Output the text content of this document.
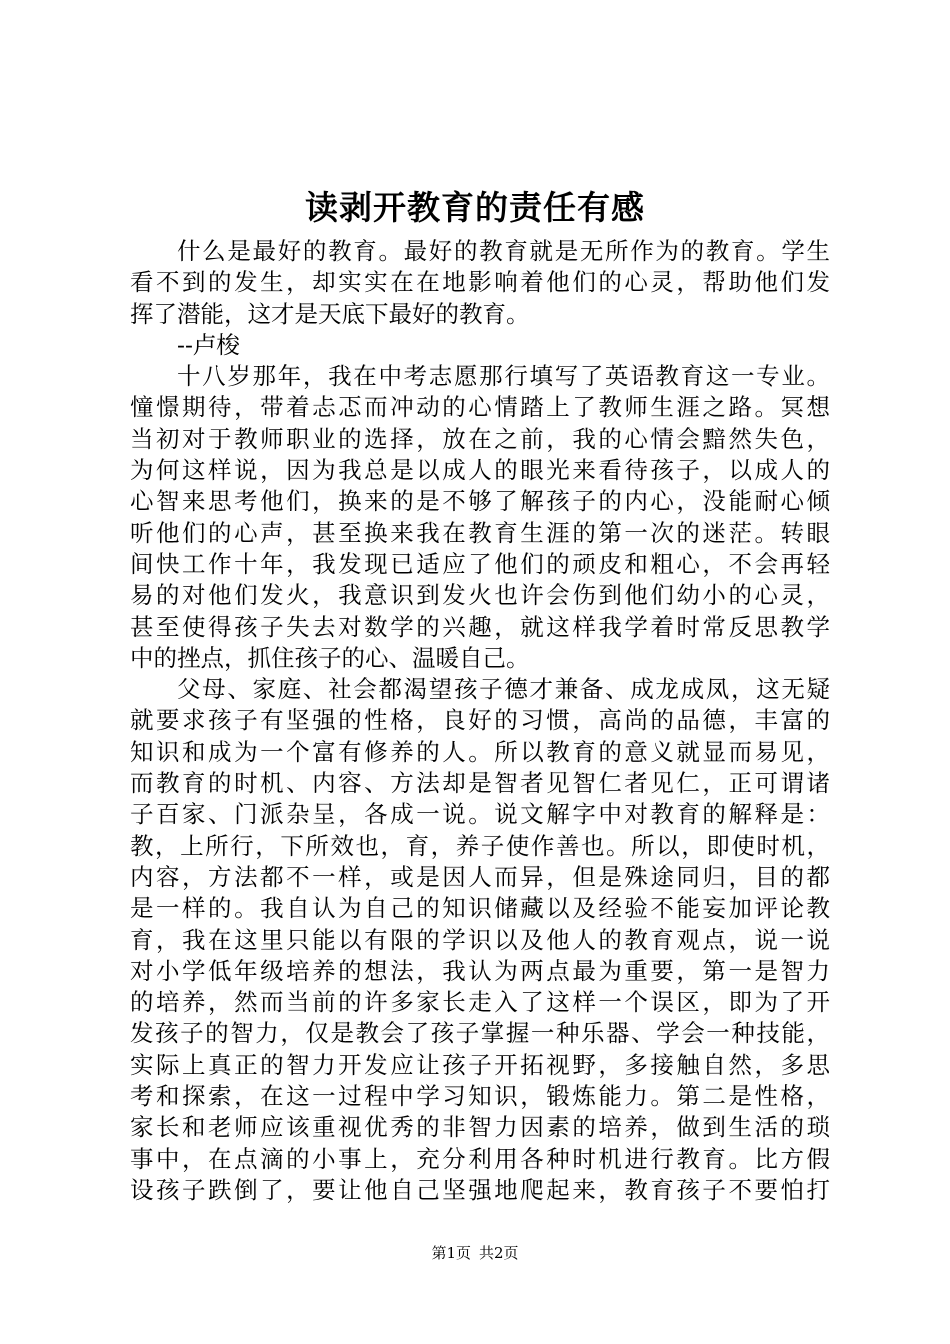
读剥开教育的责任有感
什么是最好的教育。最好的教育就是无所作为的教育。学生
看不到的发生，却实实在在地影响着他们的心灵，帮助他们发
挥了潜能，这才是天底下最好的教育。
--卢梭
十八岁那年，我在中考志愿那行填写了英语教育这一专业。
憧憬期待，带着忐忑而冲动的心情踏上了教师生涯之路。冥想
当初对于教师职业的选择，放在之前，我的心情会黯然失色，
为何这样说，因为我总是以成人的眼光来看待孩子，以成人的
心智来思考他们，换来的是不够了解孩子的内心，没能耐心倾
听他们的心声，甚至换来我在教育生涯的第一次的迷茫。转眼
间快工作十年，我发现已适应了他们的顽皮和粗心，不会再轻
易的对他们发火，我意识到发火也许会伤到他们幼小的心灵，
甚至使得孩子失去对数学的兴趣，就这样我学着时常反思教学
中的挫点，抓住孩子的心、温暖自己。
父母、家庭、社会都渴望孩子德才兼备、成龙成凤，这无疑
就要求孩子有坚强的性格，良好的习惯，高尚的品德，丰富的
知识和成为一个富有修养的人。所以教育的意义就显而易见，
而教育的时机、内容、方法却是智者见智仁者见仁，正可谓诸
子百家、门派杂呈，各成一说。说文解字中对教育的解释是：
教，上所行，下所效也，育，养子使作善也。所以，即使时机，
内容，方法都不一样，或是因人而异，但是殊途同归，目的都
是一样的。我自认为自己的知识储藏以及经验不能妄加评论教
育，我在这里只能以有限的学识以及他人的教育观点，说一说
对小学低年级培养的想法，我认为两点最为重要，第一是智力
的培养，然而当前的许多家长走入了这样一个误区，即为了开
发孩子的智力，仅是教会了孩子掌握一种乐器、学会一种技能，
实际上真正的智力开发应让孩子开拓视野，多接触自然，多思
考和探索，在这一过程中学习知识，锻炼能力。第二是性格，
家长和老师应该重视优秀的非智力因素的培养，做到生活的琐
事中，在点滴的小事上，充分利用各种时机进行教育。比方假
设孩子跌倒了，要让他自己坚强地爬起来，教育孩子不要怕打
第1页 共2页
